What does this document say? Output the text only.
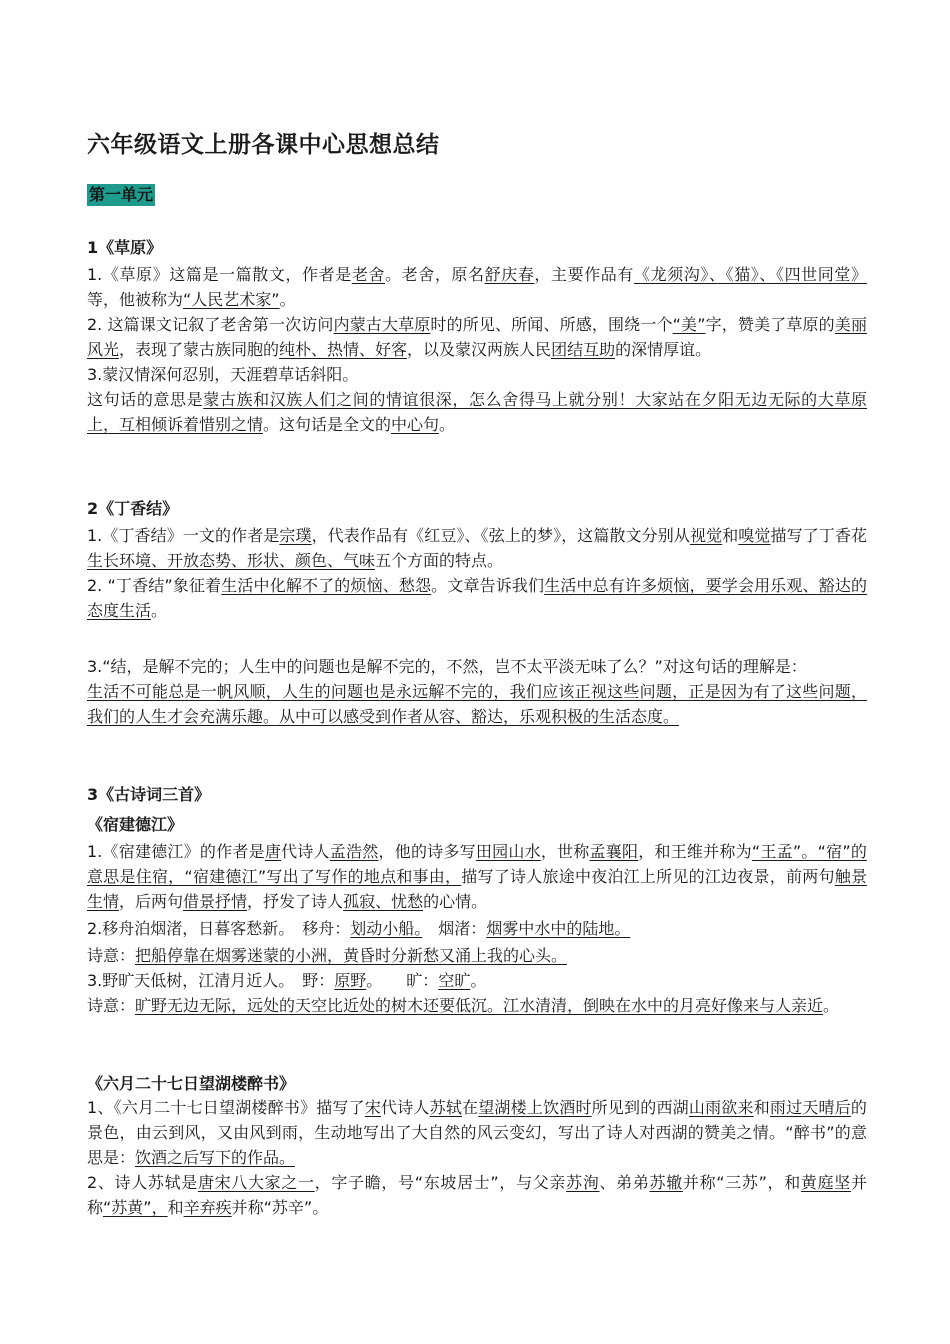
六年级语文上册各课中心思想总结
第一单元
1《草原》

1.《草原》这篇是一篇散文，作者是老舍。老舍，原名舒庆春，主要作品有《龙须沟》、《猫》、《四世同堂》等，他被称为“人民艺术家”。

2. 这篇课文记叙了老舍第一次访问内蒙古大草原时的所见、所闻、所感，围绕一个“美”字，赞美了草原的美丽风光，表现了蒙古族同胞的纯朴、热情、好客，以及蒙汉两族人民团结互助的深情厚谊。

3.蒙汉情深何忍别，天涯碧草话斜阳。

这句话的意思是蒙古族和汉族人们之间的情谊很深，怎么舍得马上就分别！大家站在夕阳无边无际的大草原上，互相倾诉着惜别之情。这句话是全文的中心句。

2《丁香结》

1.《丁香结》一文的作者是宗璞，代表作品有《红豆》、《弦上的梦》，这篇散文分别从视觉和嗅觉描写了丁香花生长环境、开放态势、形状、颜色、气味五个方面的特点。

2. “丁香结”象征着生活中化解不了的烦恼、愁怨。文章告诉我们生活中总有许多烦恼，要学会用乐观、豁达的态度生活。

3.“结，是解不完的；人生中的问题也是解不完的，不然，岂不太平淡无味了么？”对这句话的理解是：

生活不可能总是一帆风顺，人生的问题也是永远解不完的，我们应该正视这些问题，正是因为有了这些问题，我们的人生才会充满乐趣。从中可以感受到作者从容、豁达，乐观积极的生活态度。

3《古诗词三首》
《宿建德江》

1.《宿建德江》的作者是唐代诗人孟浩然，他的诗多写田园山水，世称孟襄阳，和王维并称为“王孟”。“宿”的意思是住宿，“宿建德江”写出了写作的地点和事由，描写了诗人旅途中夜泊江上所见的江边夜景，前两句触景生情，后两句借景抒情，抒发了诗人孤寂、忧愁的心情。

2.移舟泊烟渚，日暮客愁新。　移舟：划动小船。　烟渚：烟雾中水中的陆地。
诗意：把船停靠在烟雾迷蒙的小洲，黄昏时分新愁又涌上我的心头。
3.野旷天低树，江清月近人。　野：原野。　　旷：空旷。

诗意：旷野无边无际，远处的天空比近处的树木还要低沉。江水清清，倒映在水中的月亮好像来与人亲近。

《六月二十七日望湖楼醉书》

1、《六月二十七日望湖楼醉书》描写了宋代诗人苏轼在望湖楼上饮酒时所见到的西湖山雨欲来和雨过天晴后的景色，由云到风，又由风到雨，生动地写出了大自然的风云变幻，写出了诗人对西湖的赞美之情。“醉书”的意思是：饮酒之后写下的作品。

2、诗人苏轼是唐宋八大家之一，字子瞻，号“东坡居士”，与父亲苏洵、弟弟苏辙并称“三苏”，和黄庭坚并称“苏黄”，和辛弃疾并称“苏辛”。
